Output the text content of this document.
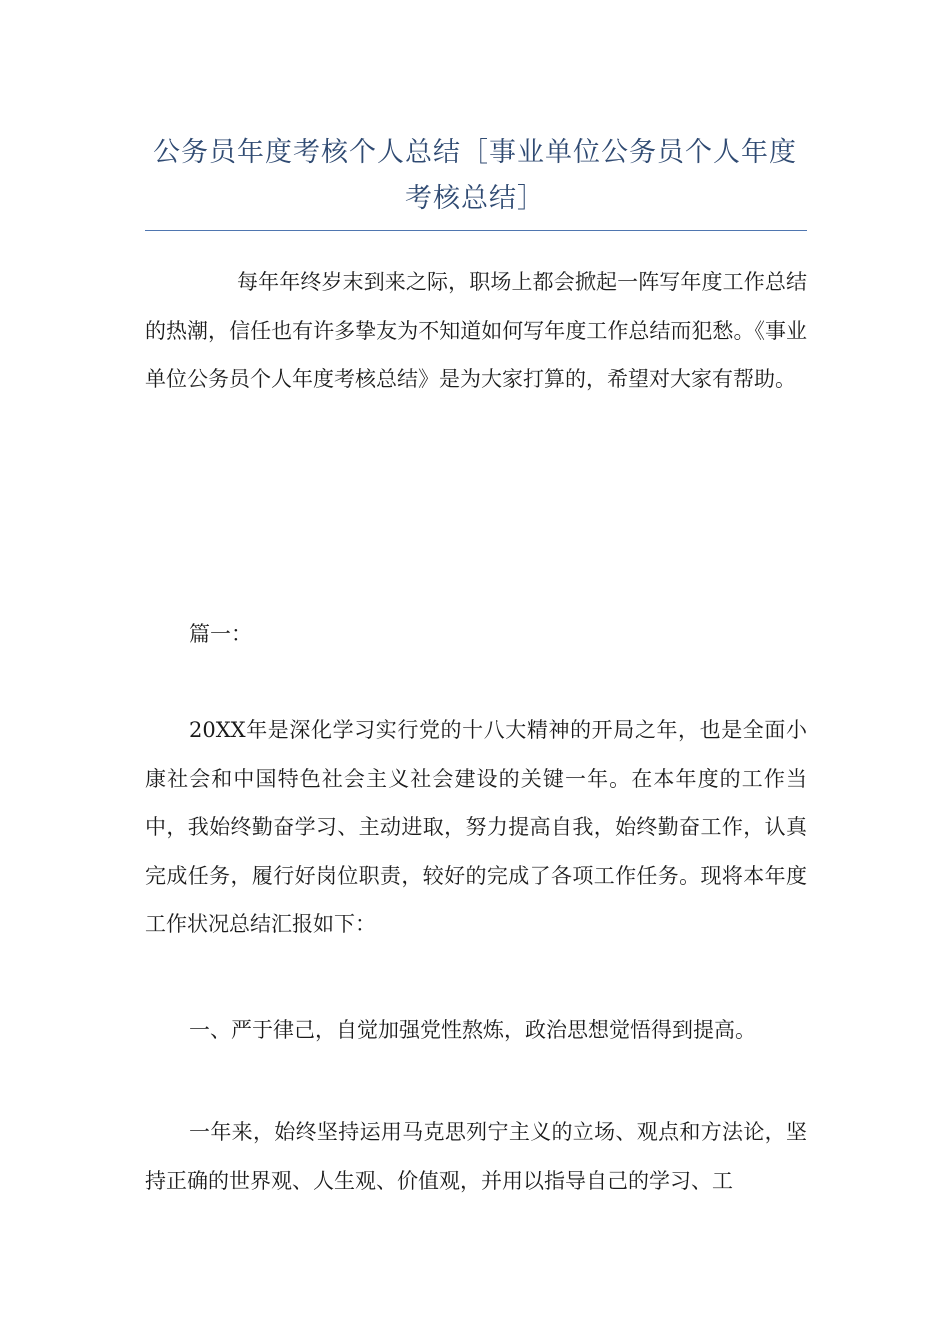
公务员年度考核个人总结［事业单位公务员个人年度考核总结］

每年年终岁末到来之际，职场上都会掀起一阵写年度工作总结的热潮，信任也有许多挚友为不知道如何写年度工作总结而犯愁。《事业单位公务员个人年度考核总结》是为大家打算的，希望对大家有帮助。

篇一：

20XX年是深化学习实行党的十八大精神的开局之年，也是全面小康社会和中国特色社会主义社会建设的关键一年。在本年度的工作当中，我始终勤奋学习、主动进取，努力提高自我，始终勤奋工作，认真完成任务，履行好岗位职责，较好的完成了各项工作任务。现将本年度工作状况总结汇报如下：

一、严于律己，自觉加强党性熬炼，政治思想觉悟得到提高。

一年来，始终坚持运用马克思列宁主义的立场、观点和方法论，坚持正确的世界观、人生观、价值观，并用以指导自己的学习、工
